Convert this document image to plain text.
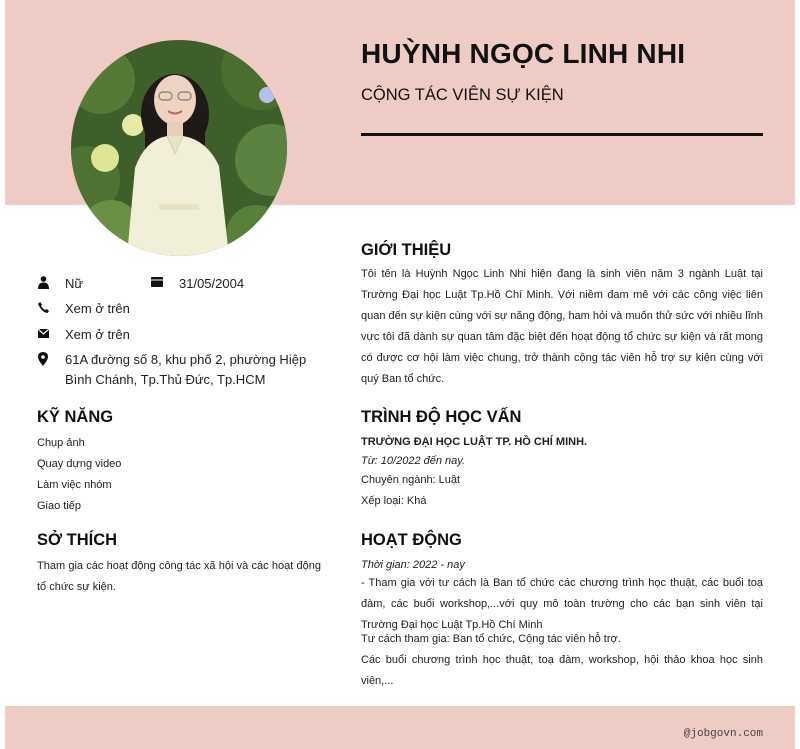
HUỲNH NGỌC LINH NHI
CỘNG TÁC VIÊN SỰ KIỆN
Nữ	31/05/2004
Xem ở trên
Xem ở trên
61A đường số 8, khu phố 2, phường Hiệp
Bình Chánh, Tp.Thủ Đức, Tp.HCM
KỸ NĂNG
Chụp ảnh
Quay dựng video
Làm việc nhóm
Giao tiếp
SỞ THÍCH
Tham gia các hoạt động công tác xã hội và các hoạt động tổ chức sự kiện.
GIỚI THIỆU
Tôi tên là Huỳnh Ngọc Linh Nhi hiện đang là sinh viên năm 3 ngành Luật tại Trường Đại học Luật Tp.Hồ Chí Minh. Với niềm đam mê với các công việc liên quan đến sự kiện cùng với sự năng động, ham hỏi và muốn thử sức với nhiều lĩnh vực tôi đã dành sự quan tâm đặc biệt đến hoạt động tổ chức sự kiện và rất mong có được cơ hội làm việc chung, trở thành cộng tác viên hỗ trợ sự kiện cùng với quý Ban tổ chức.
TRÌNH ĐỘ HỌC VẤN
TRƯỜNG ĐẠI HỌC LUẬT TP. HỒ CHÍ MINH.
Từ: 10/2022 đến nay.
Chuyên ngành: Luật
Xếp loại: Khá
HOẠT ĐỘNG
Thời gian: 2022 - nay
- Tham gia với tư cách là Ban tổ chức các chương trình học thuật, các buổi toạ đàm, các buổi workshop,...với quy mô toàn trường cho các bạn sinh viên tại Trường Đại học Luật Tp.Hồ Chí Minh
Tư cách tham gia: Ban tổ chức, Cộng tác viên hỗ trợ.
Các buổi chương trình học thuật, toạ đàm, workshop, hội thảo khoa học sinh viên,...
@jobgovn.com
